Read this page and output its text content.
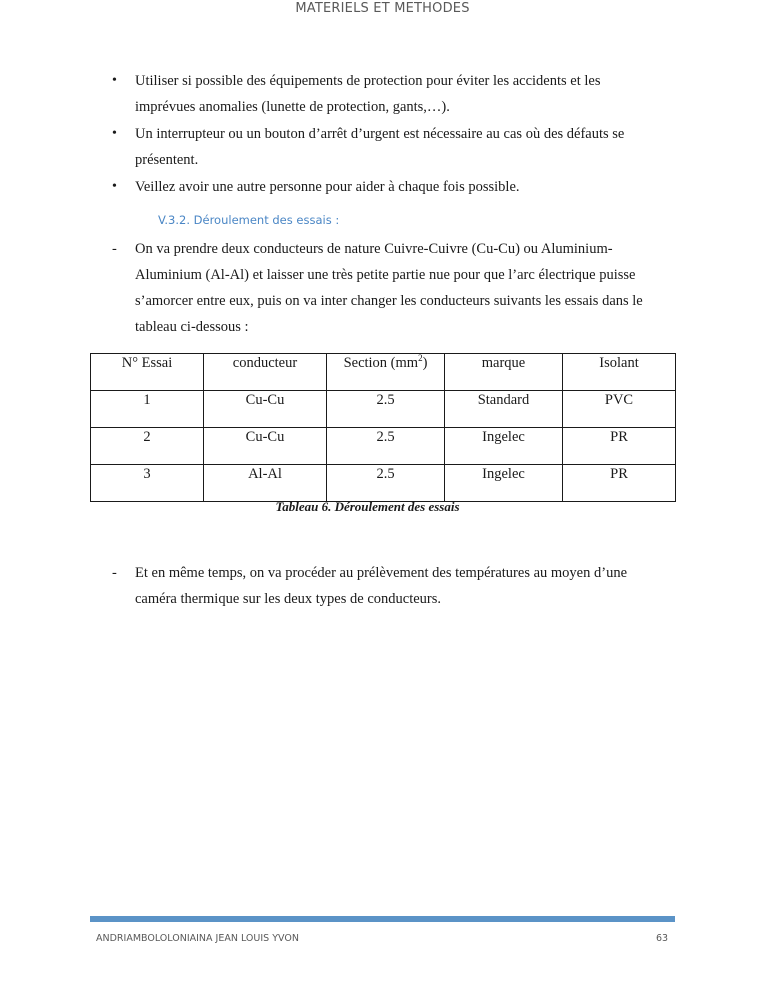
MATERIELS ET METHODES
• Utiliser si possible des équipements de protection pour éviter les accidents et les imprévues anomalies (lunette de protection, gants,…).
• Un interrupteur ou un bouton d’arrêt d’urgent est nécessaire au cas où des défauts se présentent.
• Veillez avoir une autre personne pour aider à chaque fois possible.
V.3.2. Déroulement des essais :
-	On va prendre deux conducteurs de nature Cuivre-Cuivre (Cu-Cu) ou Aluminium-Aluminium (Al-Al) et laisser une très petite partie nue pour que l’arc électrique puisse s’amorcer entre eux, puis on va inter changer les conducteurs suivants les essais dans le tableau ci-dessous :
N° Essai	conducteur	Section $(mm^2)$	marque	Isolant
1	Cu-Cu	2.5	Standard	PVC
2	Cu-Cu	2.5	Ingelec	PR
3	Al-Al	2.5	Ingelec	PR
Tableau 6. Déroulement des essais
-	Et en même temps, on va procéder au prélèvement des températures au moyen d’une caméra thermique sur les deux types de conducteurs.
ANDRIAMBOLOLONIAINA JEAN LOUIS YVON	63
